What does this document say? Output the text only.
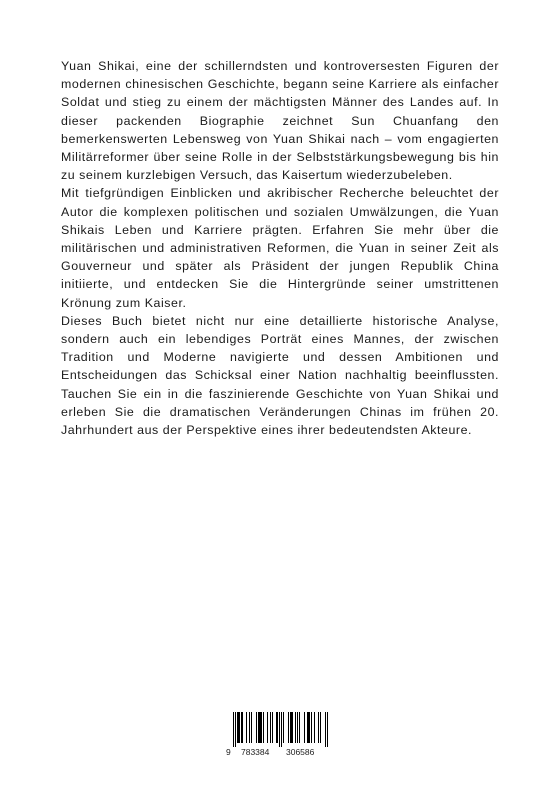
Yuan Shikai, eine der schillerndsten und kontroversesten Figuren der modernen chinesischen Geschichte, begann seine Karriere als einfacher Soldat und stieg zu einem der mächtigsten Männer des Landes auf. In dieser packenden Biographie zeichnet Sun Chuanfang den bemerkenswerten Lebensweg von Yuan Shikai nach – vom engagierten Militärreformer über seine Rolle in der Selbststärkungsbewegung bis hin zu seinem kurzlebigen Versuch, das Kaisertum wiederzubeleben.

Mit tiefgründigen Einblicken und akribischer Recherche beleuchtet der Autor die komplexen politischen und sozialen Umwälzungen, die Yuan Shikais Leben und Karriere prägten. Erfahren Sie mehr über die militärischen und administrativen Reformen, die Yuan in seiner Zeit als Gouverneur und später als Präsident der jungen Republik China initiierte, und entdecken Sie die Hintergründe seiner umstrittenen Krönung zum Kaiser.

Dieses Buch bietet nicht nur eine detaillierte historische Analyse, sondern auch ein lebendiges Porträt eines Mannes, der zwischen Tradition und Moderne navigierte und dessen Ambitionen und Entscheidungen das Schicksal einer Nation nachhaltig beeinflussten. Tauchen Sie ein in die faszinierende Geschichte von Yuan Shikai und erleben Sie die dramatischen Veränderungen Chinas im frühen 20. Jahrhundert aus der Perspektive eines ihrer bedeutendsten Akteure.

9 783384 306586
